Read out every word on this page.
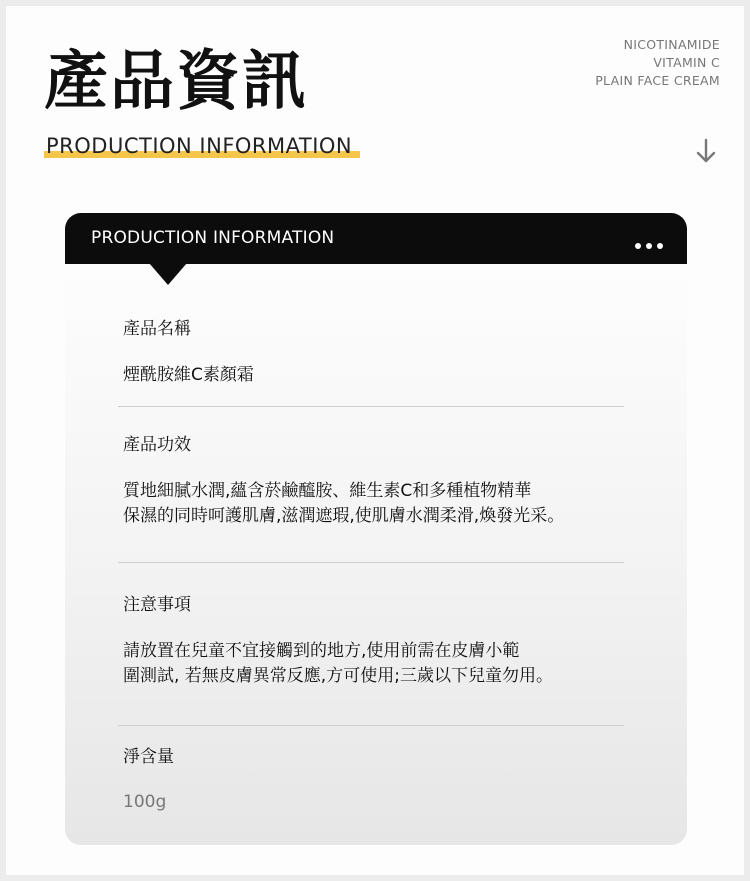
產品資訊
PRODUCTION INFORMATION
NICOTINAMIDE
VITAMIN C
PLAIN FACE CREAM
PRODUCTION INFORMATION
產品名稱
煙酰胺維C素顏霜
產品功效
質地細膩水潤,蘊含菸鹼醯胺、維生素C和多種植物精華
保濕的同時呵護肌膚,滋潤遮瑕,使肌膚水潤柔滑,煥發光采。
注意事項
請放置在兒童不宜接觸到的地方,使用前需在皮膚小範
圍測試, 若無皮膚異常反應,方可使用;三歲以下兒童勿用。
淨含量
100g
